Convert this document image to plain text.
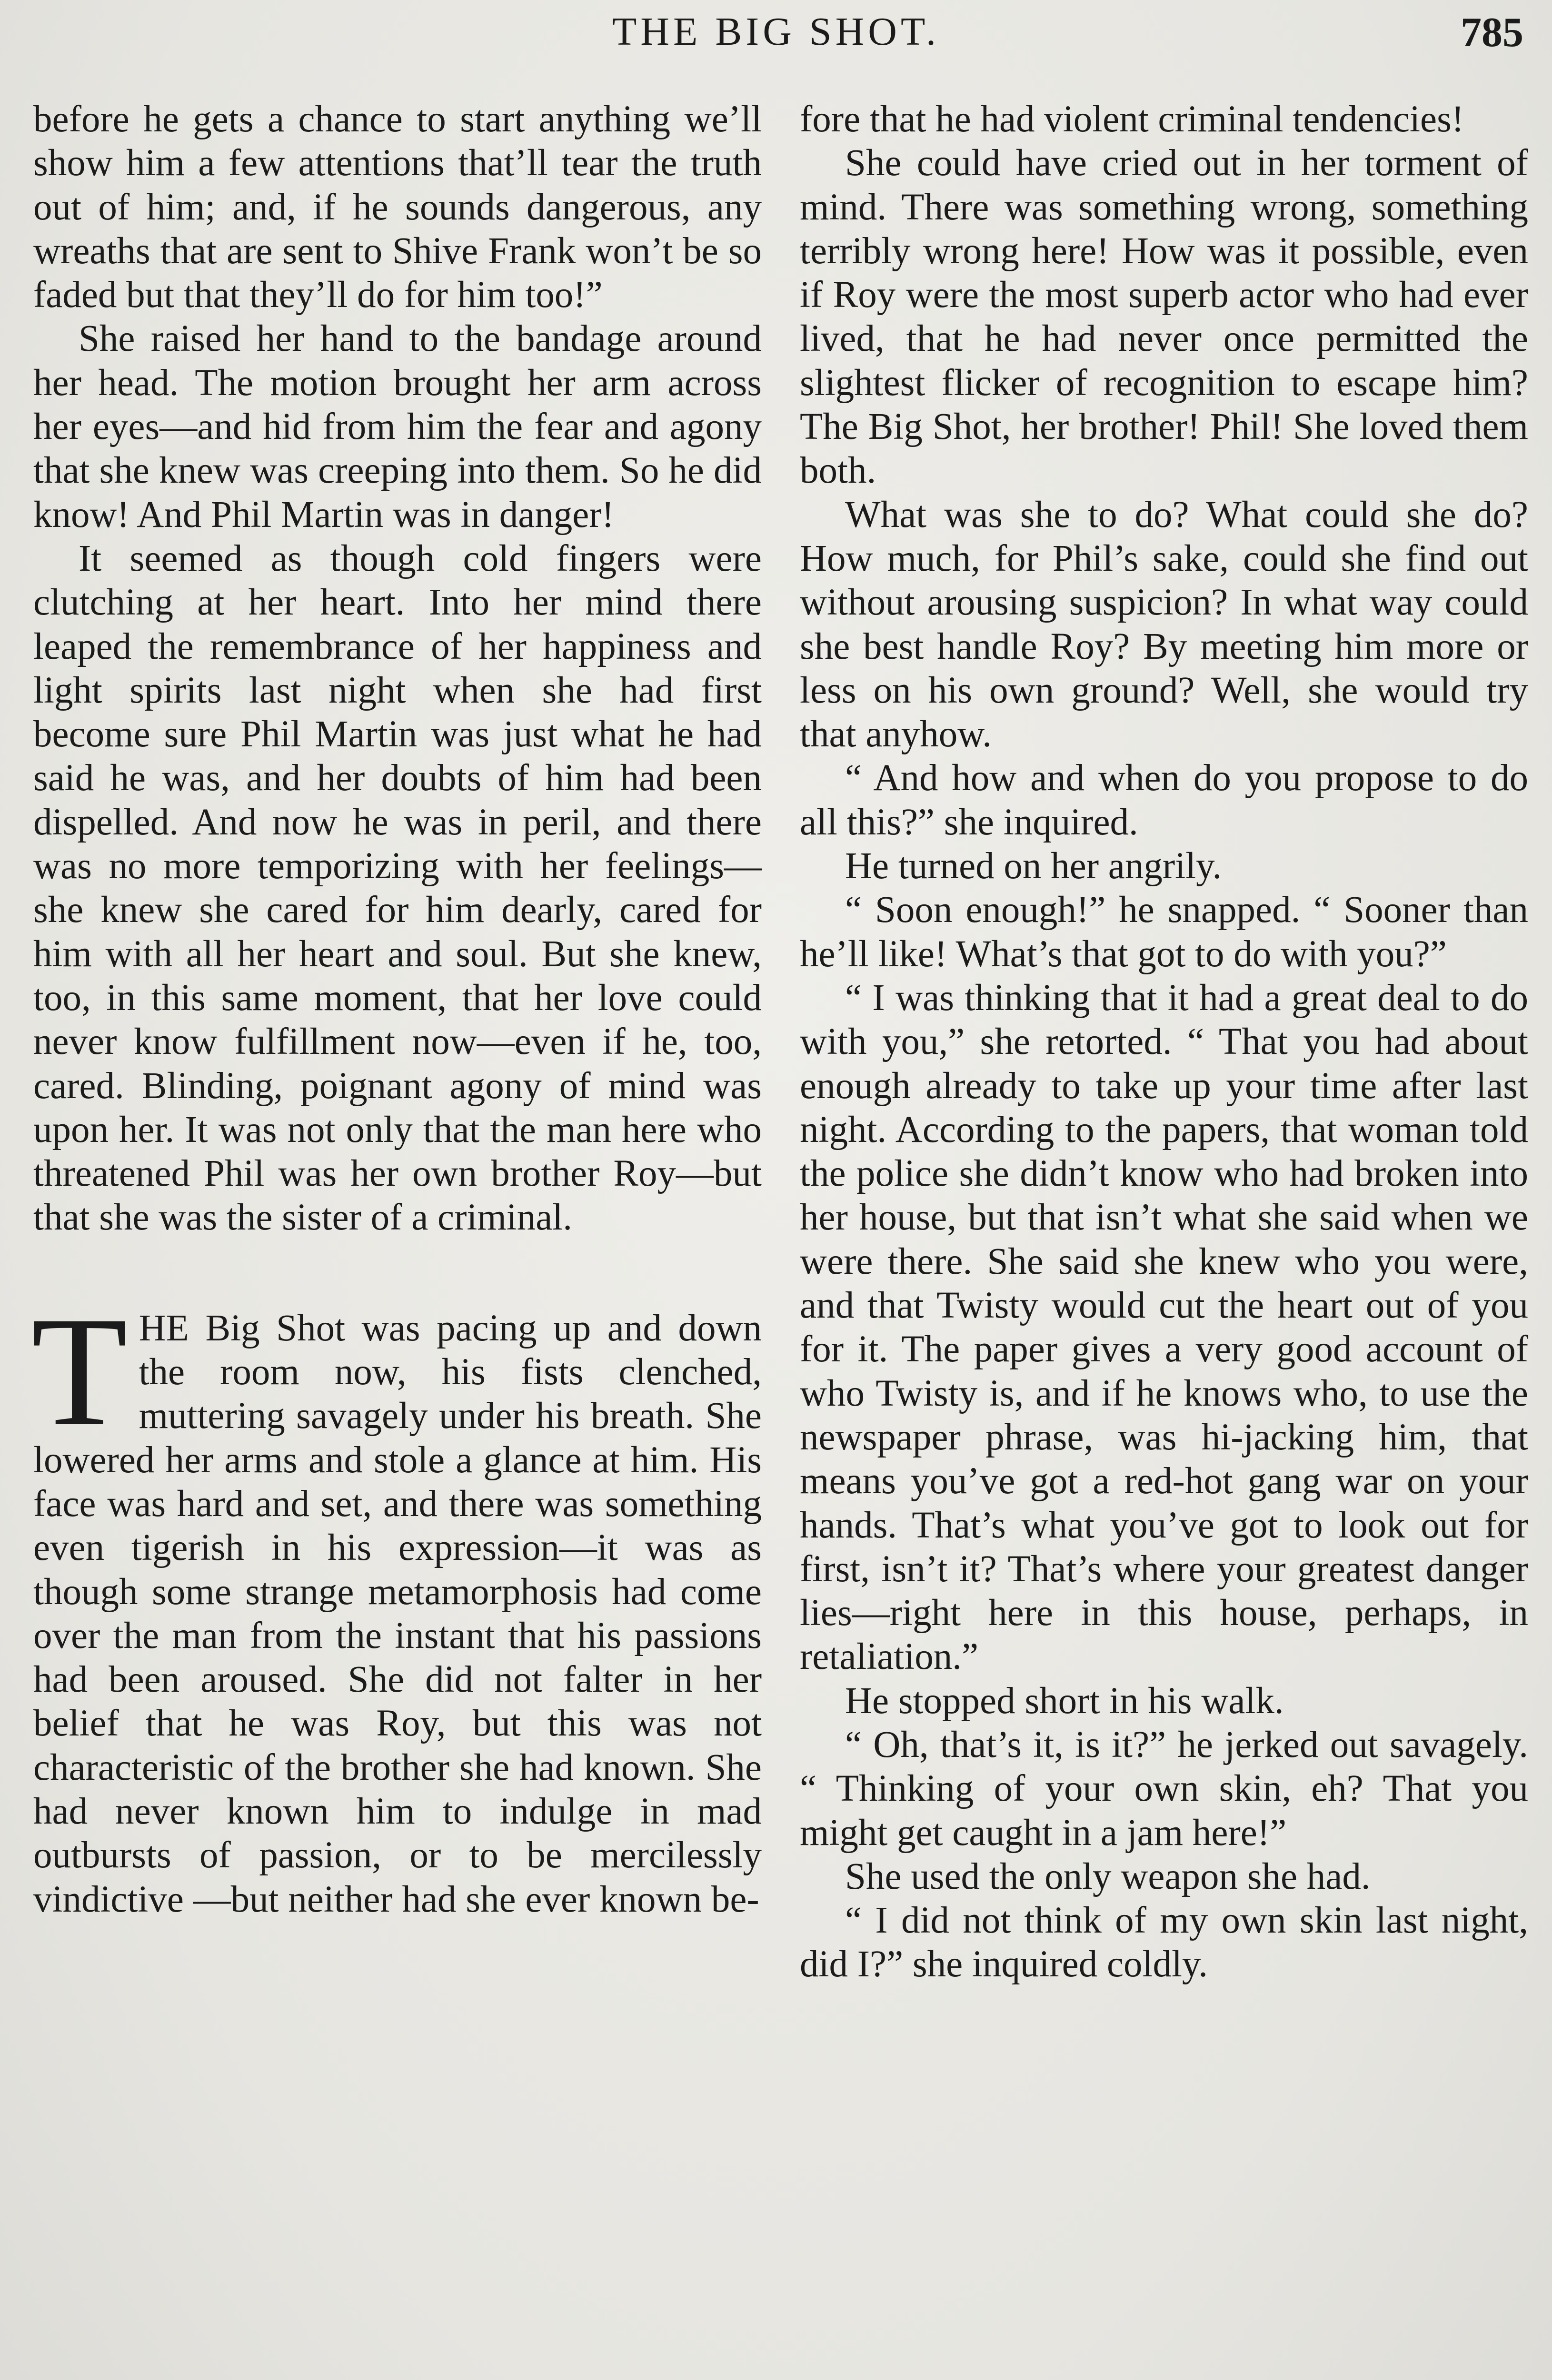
THE BIG SHOT.	785

before he gets a chance to start anything we’ll show him a few attentions that’ll tear the truth out of him; and, if he sounds dangerous, any wreaths that are sent to Shive Frank won’t be so faded but that they’ll do for him too!”

She raised her hand to the bandage around her head. The motion brought her arm across her eyes—and hid from him the fear and agony that she knew was creeping into them. So he did know! And Phil Martin was in danger!

It seemed as though cold fingers were clutching at her heart. Into her mind there leaped the remembrance of her happiness and light spirits last night when she had first become sure Phil Martin was just what he had said he was, and her doubts of him had been dispelled. And now he was in peril, and there was no more temporizing with her feelings—she knew she cared for him dearly, cared for him with all her heart and soul. But she knew, too, in this same moment, that her love could never know fulfillment now—even if he, too, cared. Blinding, poignant agony of mind was upon her. It was not only that the man here who threatened Phil was her own brother Roy—but that she was the sister of a criminal.

THE Big Shot was pacing up and down the room now, his fists clenched, muttering savagely under his breath. She lowered her arms and stole a glance at him. His face was hard and set, and there was something even tigerish in his expression—it was as though some strange metamorphosis had come over the man from the instant that his passions had been aroused. She did not falter in her belief that he was Roy, but this was not characteristic of the brother she had known. She had never known him to indulge in mad outbursts of passion, or to be mercilessly vindictive —but neither had she ever known be-

fore that he had violent criminal tendencies!

She could have cried out in her torment of mind. There was something wrong, something terribly wrong here! How was it possible, even if Roy were the most superb actor who had ever lived, that he had never once permitted the slightest flicker of recognition to escape him? The Big Shot, her brother! Phil! She loved them both.

What was she to do? What could she do? How much, for Phil’s sake, could she find out without arousing suspicion? In what way could she best handle Roy? By meeting him more or less on his own ground? Well, she would try that anyhow.

“ And how and when do you propose to do all this?” she inquired.

He turned on her angrily.

“ Soon enough!” he snapped. “ Sooner than he’ll like! What’s that got to do with you?”

“ I was thinking that it had a great deal to do with you,” she retorted. “ That you had about enough already to take up your time after last night. According to the papers, that woman told the police she didn’t know who had broken into her house, but that isn’t what she said when we were there. She said she knew who you were, and that Twisty would cut the heart out of you for it. The paper gives a very good account of who Twisty is, and if he knows who, to use the newspaper phrase, was hi-jacking him, that means you’ve got a red-hot gang war on your hands. That’s what you’ve got to look out for first, isn’t it? That’s where your greatest danger lies—right here in this house, perhaps, in retaliation.”

He stopped short in his walk.

“ Oh, that’s it, is it?” he jerked out savagely. “ Thinking of your own skin, eh? That you might get caught in a jam here!”

She used the only weapon she had.

“ I did not think of my own skin last night, did I?” she inquired coldly.
